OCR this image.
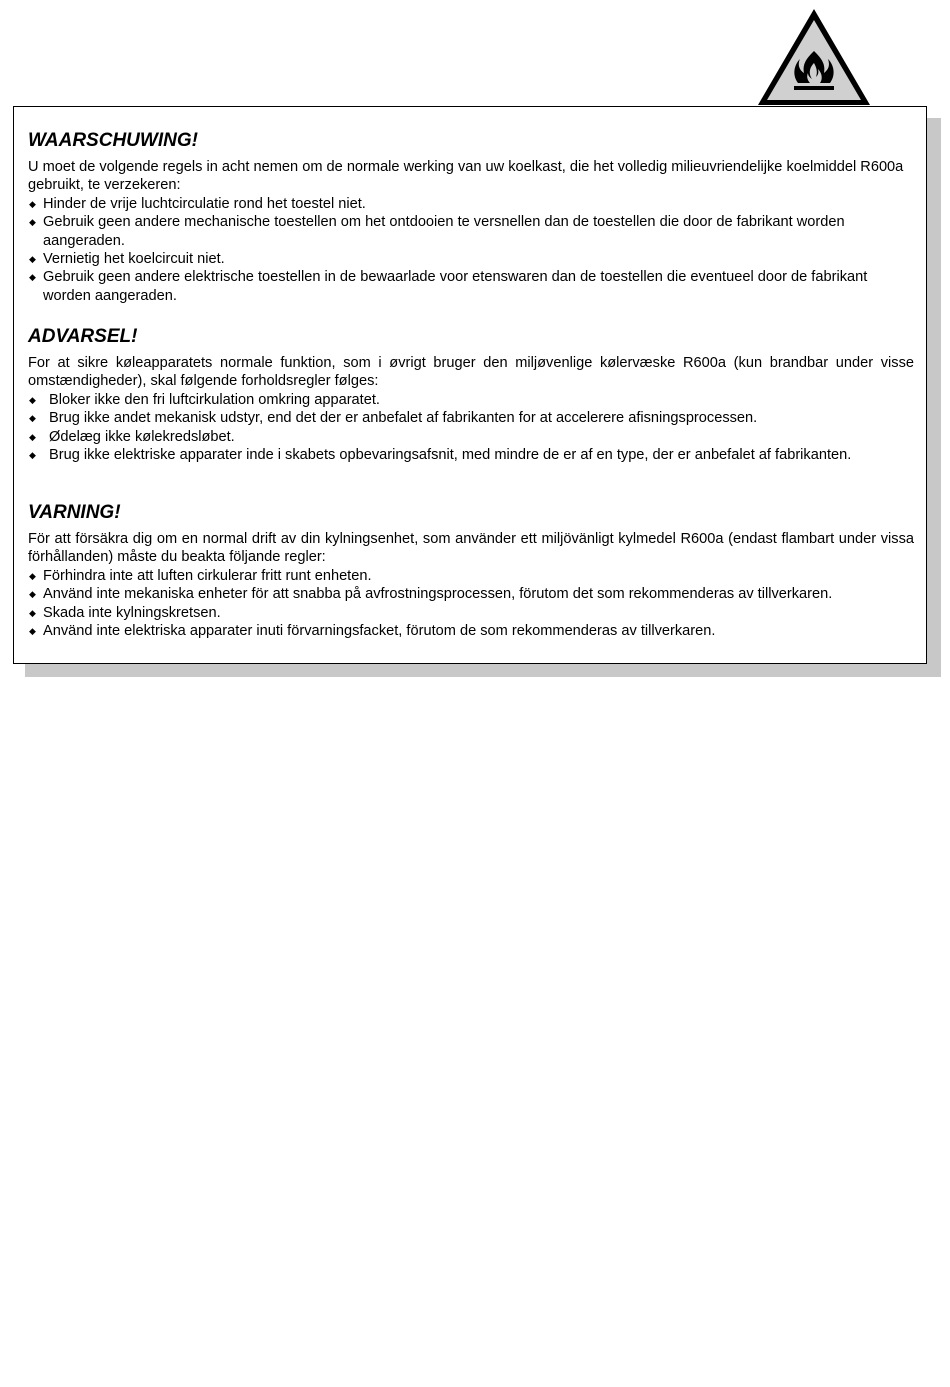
WAARSCHUWING!

U moet de volgende regels in acht nemen om de normale werking van uw koelkast, die het volledig milieuvriendelijke koelmiddel R600a gebruikt, te verzekeren:

◆ Hinder de vrije luchtcirculatie rond het toestel niet.
◆ Gebruik geen andere mechanische toestellen om het ontdooien te versnellen dan de toestellen die door de fabrikant worden aangeraden.
◆ Vernietig het koelcircuit niet.
◆ Gebruik geen andere elektrische toestellen in de bewaarlade voor etenswaren dan de toestellen die eventueel door de fabrikant worden aangeraden.
ADVARSEL!

For at sikre køleapparatets normale funktion, som i øvrigt bruger den miljøvenlige kølervæske R600a (kun brandbar under visse omstændigheder), skal følgende forholdsregler følges:

◆ Bloker ikke den fri luftcirkulation omkring apparatet.
◆ Brug ikke andet mekanisk udstyr, end det der er anbefalet af fabrikanten for at accelerere afisningsprocessen.
◆ Ødelæg ikke kølekredsløbet.
◆ Brug ikke elektriske apparater inde i skabets opbevaringsafsnit, med mindre de er af en type, der er anbefalet af fabrikanten.
VARNING!

För att försäkra dig om en normal drift av din kylningsenhet, som använder ett miljövänligt kylmedel R600a (endast flambart under vissa förhållanden) måste du beakta följande regler:

◆ Förhindra inte att luften cirkulerar fritt runt enheten.
◆ Använd inte mekaniska enheter för att snabba på avfrostningsprocessen, förutom det som rekommenderas av tillverkaren.
◆ Skada inte kylningskretsen.
◆ Använd inte elektriska apparater inuti förvarningsfacket, förutom de som rekommenderas av tillverkaren.
